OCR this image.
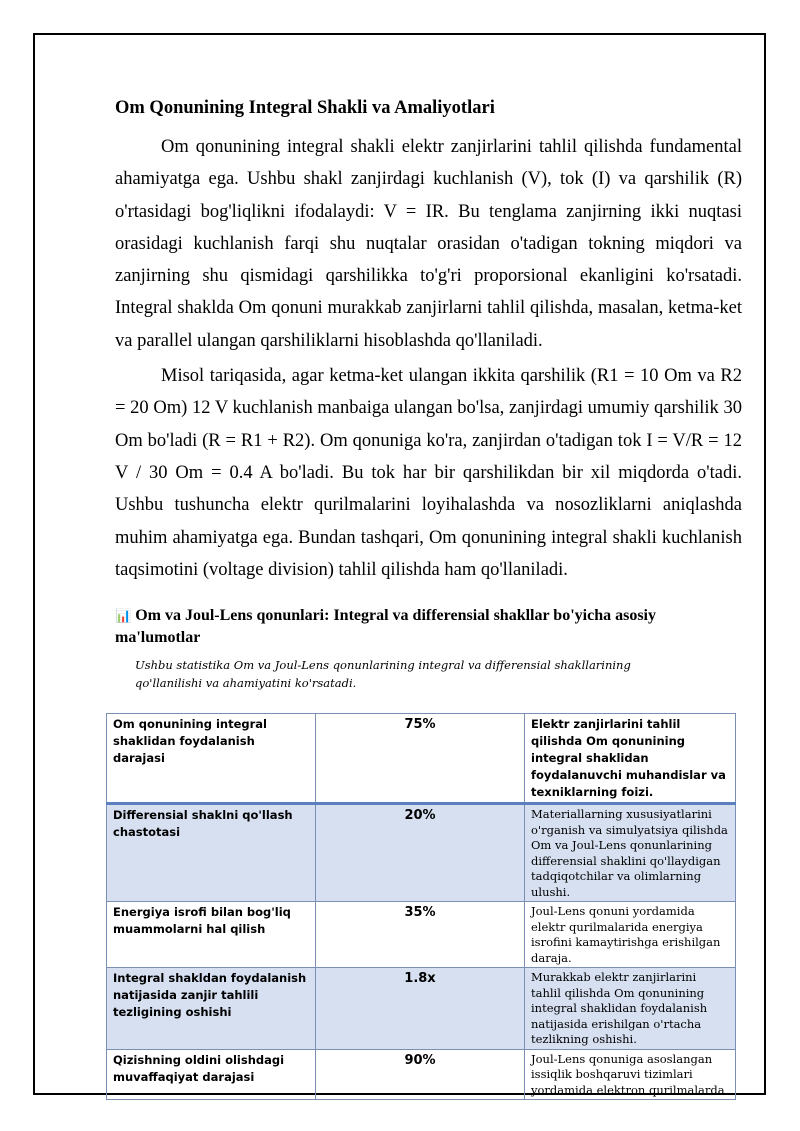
Om Qonunining Integral Shakli va Amaliyotlari

Om qonunining integral shakli elektr zanjirlarini tahlil qilishda fundamental ahamiyatga ega. Ushbu shakl zanjirdagi kuchlanish (V), tok (I) va qarshilik (R) o'rtasidagi bog'liqlikni ifodalaydi: V = IR. Bu tenglama zanjirning ikki nuqtasi orasidagi kuchlanish farqi shu nuqtalar orasidan o'tadigan tokning miqdori va zanjirning shu qismidagi qarshilikka to'g'ri proporsional ekanligini ko'rsatadi. Integral shaklda Om qonuni murakkab zanjirlarni tahlil qilishda, masalan, ketma-ket va parallel ulangan qarshiliklarni hisoblashda qo'llaniladi.

Misol tariqasida, agar ketma-ket ulangan ikkita qarshilik (R1 = 10 Om va R2 = 20 Om) 12 V kuchlanish manbaiga ulangan bo'lsa, zanjirdagi umumiy qarshilik 30 Om bo'ladi (R = R1 + R2). Om qonuniga ko'ra, zanjirdan o'tadigan tok I = V/R = 12 V / 30 Om = 0.4 A bo'ladi. Bu tok har bir qarshilikdan bir xil miqdorda o'tadi. Ushbu tushuncha elektr qurilmalarini loyihalashda va nosozliklarni aniqlashda muhim ahamiyatga ega. Bundan tashqari, Om qonunining integral shakli kuchlanish taqsimotini (voltage division) tahlil qilishda ham qo'llaniladi.

📊 Om va Joul-Lens qonunlari: Integral va differensial shakllar bo'yicha asosiy ma'lumotlar
Ushbu statistika Om va Joul-Lens qonunlarining integral va differensial shakllarining qo'llanilishi va ahamiyatini ko'rsatadi.
Om qonunining integral shaklidan foydalanish darajasi	75%	Elektr zanjirlarini tahlil qilishda Om qonunining integral shaklidan foydalanuvchi muhandislar va texniklarning foizi.
Differensial shaklni qo'llash chastotasi	20%	Materiallarning xususiyatlarini o'rganish va simulyatsiya qilishda Om va Joul-Lens qonunlarining differensial shaklini qo'llaydigan tadqiqotchilar va olimlarning ulushi.
Energiya isrofi bilan bog'liq muammolarni hal qilish	35%	Joul-Lens qonuni yordamida elektr qurilmalarida energiya isrofini kamaytirishga erishilgan daraja.
Integral shakldan foydalanish natijasida zanjir tahlili tezligining oshishi	1.8x	Murakkab elektr zanjirlarini tahlil qilishda Om qonunining integral shaklidan foydalanish natijasida erishilgan o'rtacha tezlikning oshishi.
Qizishning oldini olishdagi muvaffaqiyat darajasi	90%	Joul-Lens qonuniga asoslangan issiqlik boshqaruvi tizimlari yordamida elektron qurilmalarda
